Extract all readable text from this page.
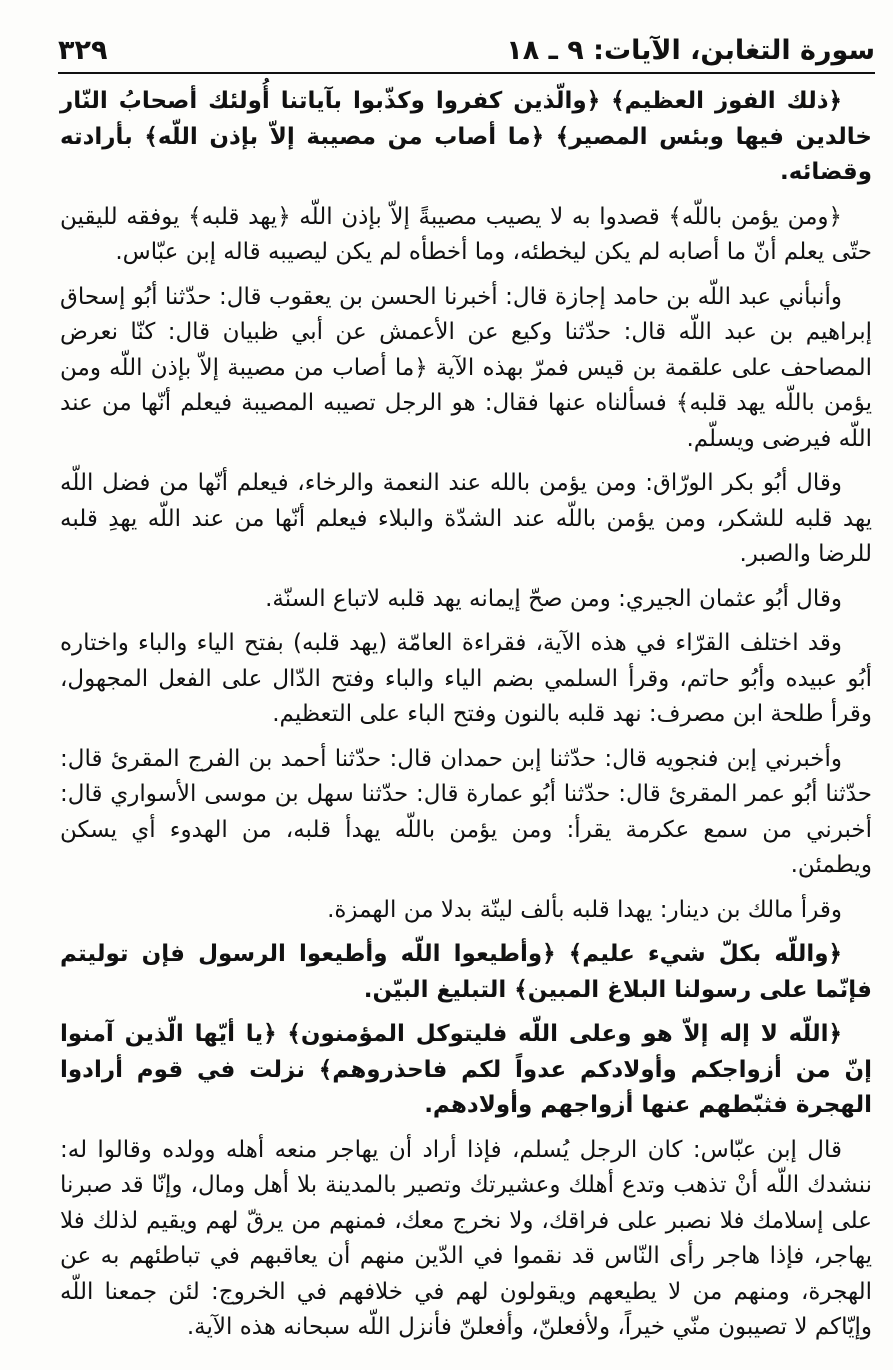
سورة التغابن، الآيات: ٩ ـ ١٨
٣٢٩

﴿ذلك الفوز العظيم﴾ ﴿والّذين كفروا وكذّبوا بآياتنا أُولئك أصحابُ النّار خالدين فيها وبئس المصير﴾ ﴿ما أصاب من مصيبة إلاّ بإذن اللّه﴾ بأرادته وقضائه.

﴿ومن يؤمن باللّه﴾ قصدوا به لا يصيب مصيبةً إلاّ بإذن اللّه ﴿يهد قلبه﴾ يوفقه لليقين حتّى يعلم أنّ ما أصابه لم يكن ليخطئه، وما أخطأه لم يكن ليصيبه قاله إبن عبّاس.

وأنبأني عبد اللّه بن حامد إجازة قال: أخبرنا الحسن بن يعقوب قال: حدّثنا أبُو إسحاق إبراهيم بن عبد اللّه قال: حدّثنا وكيع عن الأعمش عن أبي ظبيان قال: كنّا نعرض المصاحف على علقمة بن قيس فمرّ بهذه الآية ﴿ما أصاب من مصيبة إلاّ بإذن اللّه ومن يؤمن باللّه يهد قلبه﴾ فسألناه عنها فقال: هو الرجل تصيبه المصيبة فيعلم أنّها من عند اللّه فيرضى ويسلّم.

وقال أبُو بكر الورّاق: ومن يؤمن بالله عند النعمة والرخاء، فيعلم أنّها من فضل اللّه يهد قلبه للشكر، ومن يؤمن باللّه عند الشدّة والبلاء فيعلم أنّها من عند اللّه يهدِ قلبه للرضا والصبر.

وقال أبُو عثمان الجيري: ومن صحّ إيمانه يهد قلبه لاتباع السنّة.

وقد اختلف القرّاء في هذه الآية، فقراءة العامّة (يهد قلبه) بفتح الياء والباء واختاره أبُو عبيده وأبُو حاتم، وقرأ السلمي بضم الياء والباء وفتح الدّال على الفعل المجهول، وقرأ طلحة ابن مصرف: نهد قلبه بالنون وفتح الباء على التعظيم.

وأخبرني إبن فنجويه قال: حدّثنا إبن حمدان قال: حدّثنا أحمد بن الفرج المقرئ قال: حدّثنا أبُو عمر المقرئ قال: حدّثنا أبُو عمارة قال: حدّثنا سهل بن موسى الأسواري قال: أخبرني من سمع عكرمة يقرأ: ومن يؤمن باللّه يهدأ قلبه، من الهدوء أي يسكن ويطمئن.

وقرأ مالك بن دينار: يهدا قلبه بألف لينّة بدلا من الهمزة.

﴿واللّه بكلّ شيء عليم﴾ ﴿وأطيعوا اللّه وأطيعوا الرسول فإن توليتم فإنّما على رسولنا البلاغ المبين﴾ التبليغ البيّن.

﴿اللّه لا إله إلاّ هو وعلى اللّه فليتوكل المؤمنون﴾ ﴿يا أيّها الّذين آمنوا إنّ من أزواجكم وأولادكم عدواً لكم فاحذروهم﴾ نزلت في قوم أرادوا الهجرة فثبّطهم عنها أزواجهم وأولادهم.

قال إبن عبّاس: كان الرجل يُسلم، فإذا أراد أن يهاجر منعه أهله وولده وقالوا له: ننشدك اللّه أنْ تذهب وتدع أهلك وعشيرتك وتصير بالمدينة بلا أهل ومال، وإنّا قد صبرنا على إسلامك فلا نصبر على فراقك، ولا نخرج معك، فمنهم من يرقّ لهم ويقيم لذلك فلا يهاجر، فإذا هاجر رأى النّاس قد نقموا في الدّين منهم أن يعاقبهم في تباطئهم به عن الهجرة، ومنهم من لا يطيعهم ويقولون لهم في خلافهم في الخروج: لئن جمعنا اللّه وإيّاكم لا تصيبون منّي خيراً، ولأفعلنّ، وأفعلنّ فأنزل اللّه سبحانه هذه الآية.
